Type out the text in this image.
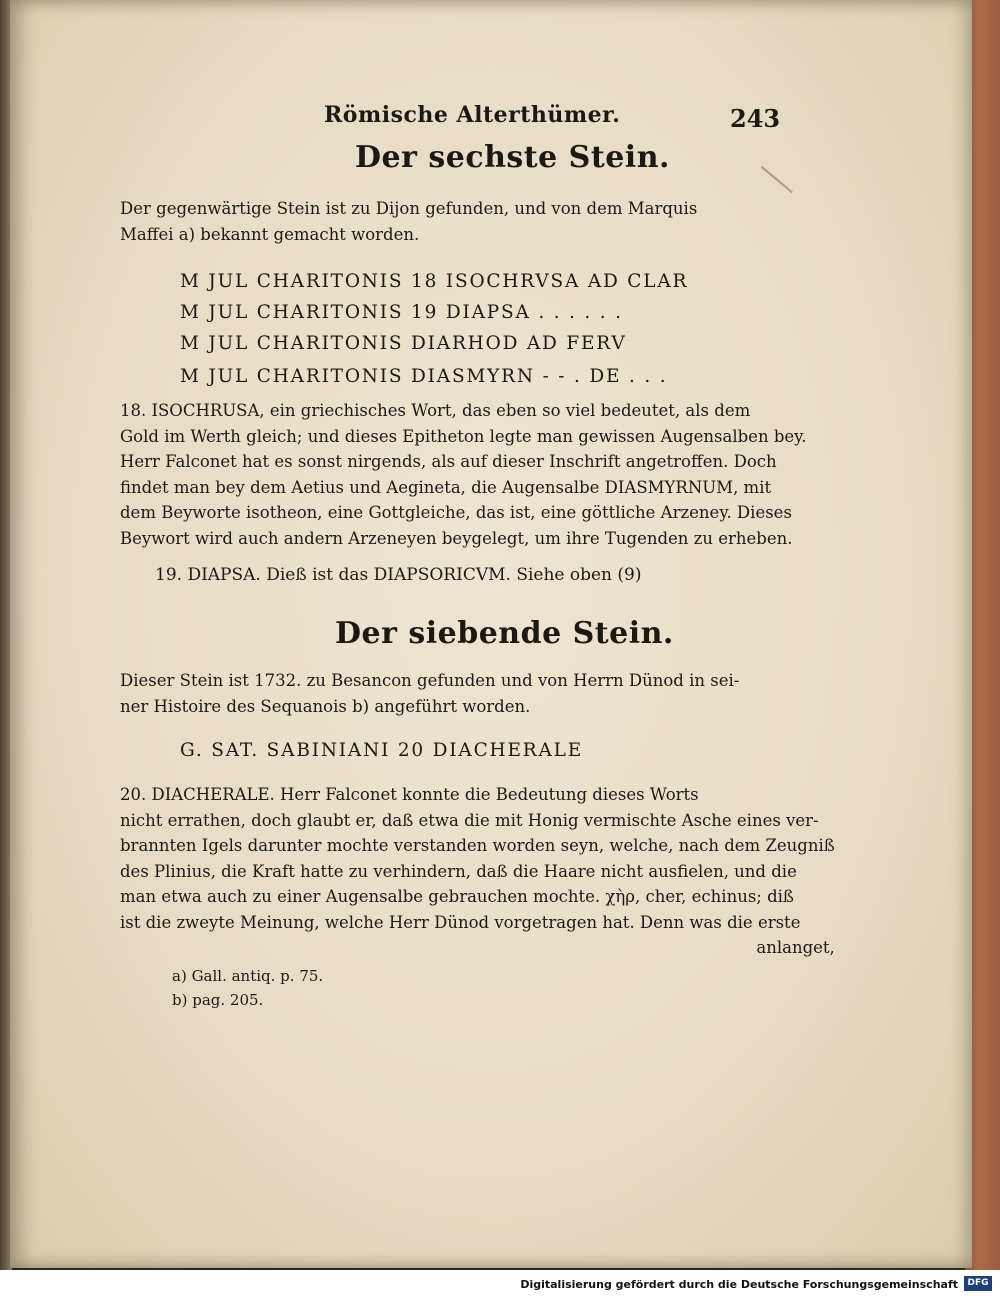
Römische Alterthümer.	243
Der sechste Stein.
Der gegenwärtige Stein ist zu Dijon gefunden, und von dem Marquis
Maffei a) bekannt gemacht worden.
M JUL CHARITONIS 18 ISOCHRVSA AD CLAR
M JUL CHARITONIS 19 DIAPSA . . . . . .
M JUL CHARITONIS DIARHOD AD FERV
M JUL CHARITONIS DIASMYRN - - . DE . . .
18. ISOCHRUSA, ein griechisches Wort, das eben so viel bedeutet, als dem
Gold im Werth gleich; und dieses Epitheton legte man gewissen Augensalben bey.
Herr Falconet hat es sonst nirgends, als auf dieser Inschrift angetroffen. Doch
findet man bey dem Aetius und Aegineta, die Augensalbe DIASMYRNUM, mit
dem Beyworte isotheon, eine Gottgleiche, das ist, eine göttliche Arzeney. Dieses
Beywort wird auch andern Arzeneyen beygelegt, um ihre Tugenden zu erheben.
19. DIAPSA. Dieß ist das DIAPSORICVM. Siehe oben (9)
Der siebende Stein.
Dieser Stein ist 1732. zu Besancon gefunden und von Herrn Dünod in sei-
ner Histoire des Sequanois b) angeführt worden.
G. SAT. SABINIANI 20 DIACHERALE
20. DIACHERALE. Herr Falconet konnte die Bedeutung dieses Worts
nicht errathen, doch glaubt er, daß etwa die mit Honig vermischte Asche eines ver-
brannten Igels darunter mochte verstanden worden seyn, welche, nach dem Zeugniß
des Plinius, die Kraft hatte zu verhindern, daß die Haare nicht ausfielen, und die
man etwa auch zu einer Augensalbe gebrauchen mochte. χὴρ, cher, echinus; diß
ist die zweyte Meinung, welche Herr Dünod vorgetragen hat. Denn was die erste
anlanget,
a) Gall. antiq. p. 75.
b) pag. 205.
Digitalisierung gefördert durch die Deutsche Forschungsgemeinschaft	DFG
